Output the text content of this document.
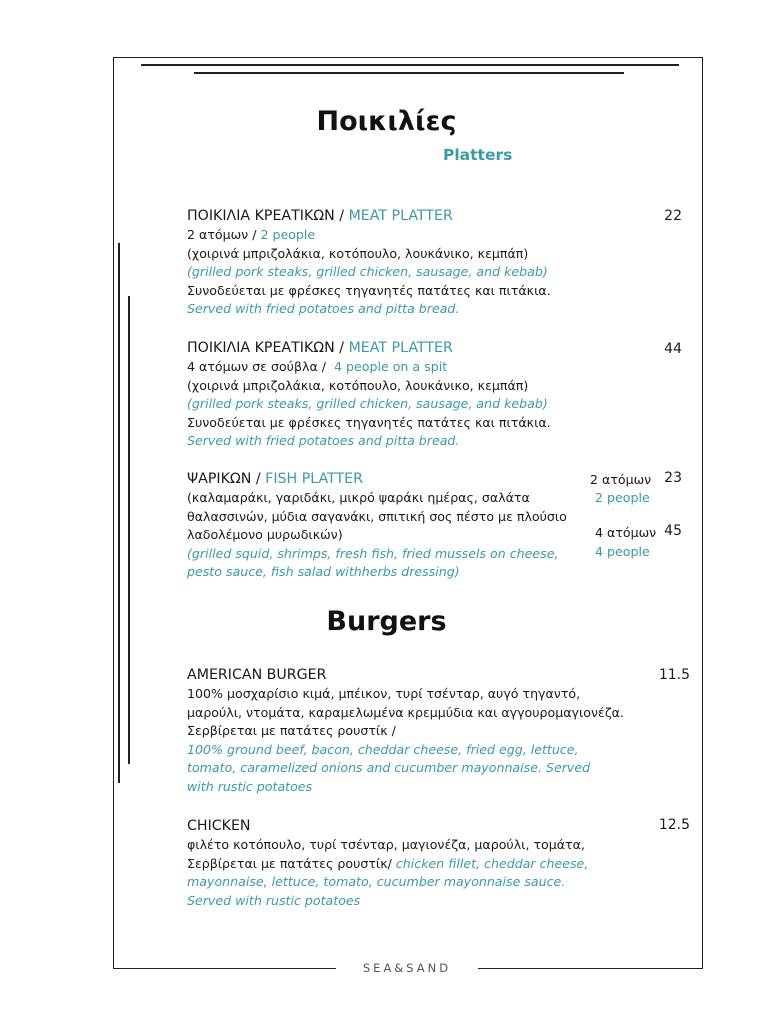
SEA&SAND
Ποικιλίες
Platters
ΠΟΙΚΙΛΙΑ ΚΡΕΑΤΙΚΩΝ / MEAT PLATTER
2 ατόμων / 2 people
(χοιρινά μπριζολάκια, κοτόπουλο, λουκάνικο, κεμπάπ)
(grilled pork steaks, grilled chicken, sausage, and kebab)
Συνοδεύεται με φρέσκες τηγανητές πατάτες και πιτάκια.
Served with fried potatoes and pitta bread.
22
ΠΟΙΚΙΛΙΑ ΚΡΕΑΤΙΚΩΝ / MEAT PLATTER
4 ατόμων σε σούβλα /  4 people on a spit
(χοιρινά μπριζολάκια, κοτόπουλο, λουκάνικο, κεμπάπ)
(grilled pork steaks, grilled chicken, sausage, and kebab)
Συνοδεύεται με φρέσκες τηγανητές πατάτες και πιτάκια.
Served with fried potatoes and pitta bread.
44
ΨΑΡΙΚΩΝ / FISH PLATTER
(καλαμαράκι, γαριδάκι, μικρό ψαράκι ημέρας, σαλάτα
θαλασσινών, μύδια σαγανάκι, σπιτική σος πέστο με πλούσιο
λαδολέμονο μυρωδικών)
(grilled squid, shrimps, fresh fish, fried mussels on cheese,
pesto sauce, fish salad withherbs dressing)
2 ατόμων 23
2 people
4 ατόμων 45
4 people
Burgers
AMERICAN BURGER
100% μοσχαρίσιο κιμά, μπέικον, τυρί τσένταρ, αυγό τηγαντό,
μαρούλι, ντομάτα, καραμελωμένα κρεμμύδια και αγγουρομαγιονέζα.
Σερβίρεται με πατάτες ρουστίκ /
100% ground beef, bacon, cheddar cheese, fried egg, lettuce,
tomato, caramelized onions and cucumber mayonnaise. Served
with rustic potatoes
11.5
CHICKEN
φιλέτο κοτόπουλο, τυρί τσένταρ, μαγιονέζα, μαρούλι, τομάτα,
Σερβίρεται με πατάτες ρουστίκ/ chicken fillet, cheddar cheese,
mayonnaise, lettuce, tomato, cucumber mayonnaise sauce.
Served with rustic potatoes
12.5
